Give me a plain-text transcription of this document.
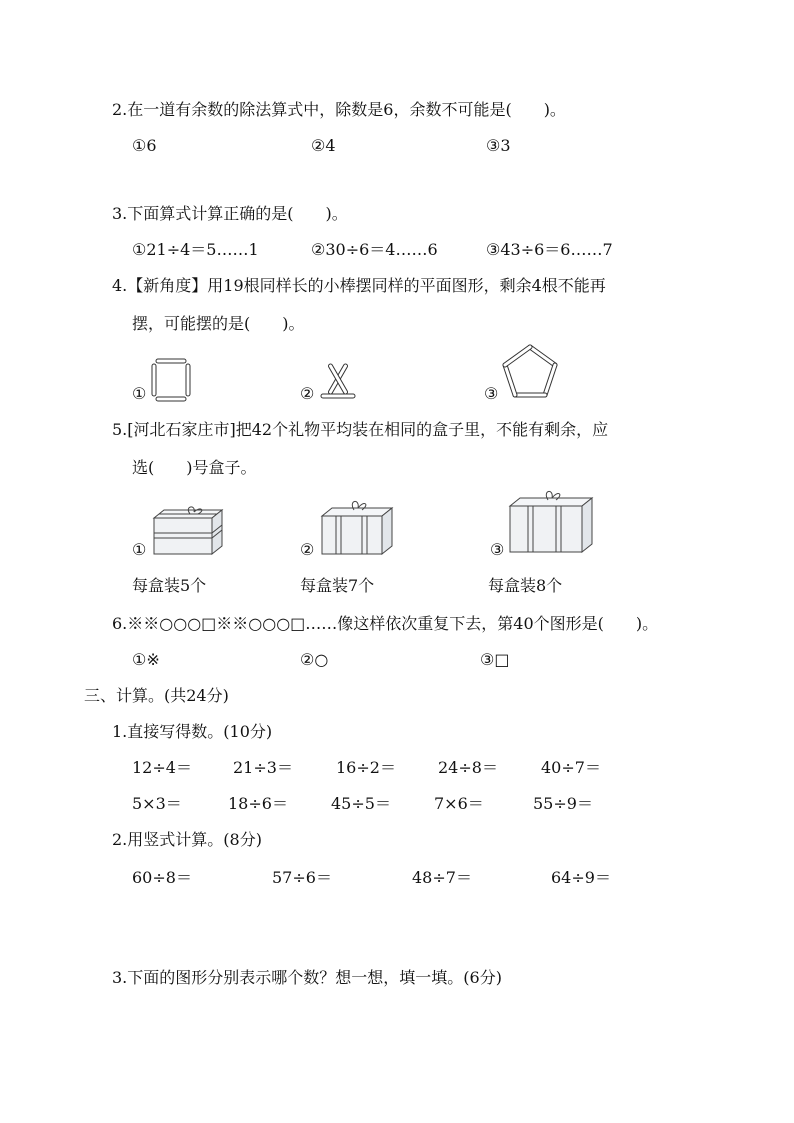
2.在一道有余数的除法算式中，除数是6，余数不可能是(　　)。
①6	②4	③3
3.下面算式计算正确的是(　　)。
①21÷4＝5……1	②30÷6＝4……6	③43÷6＝6……7
4.【新角度】用19根同样长的小棒摆同样的平面图形，剩余4根不能再
摆，可能摆的是(　　)。
①	②	③
5.[河北石家庄市]把42个礼物平均装在相同的盒子里，不能有剩余，应
选(　　)号盒子。
①	②	③
每盒装5个	每盒装7个	每盒装8个
6.※※○○○□※※○○○□……像这样依次重复下去，第40个图形是(　　)。
①※	②○	③□
三、计算。(共24分)
1.直接写得数。(10分)
12÷4＝	21÷3＝	16÷2＝	24÷8＝	40÷7＝
5×3＝	18÷6＝	45÷5＝	7×6＝	55÷9＝
2.用竖式计算。(8分)
60÷8＝	57÷6＝	48÷7＝	64÷9＝
3.下面的图形分别表示哪个数？想一想，填一填。(6分)
